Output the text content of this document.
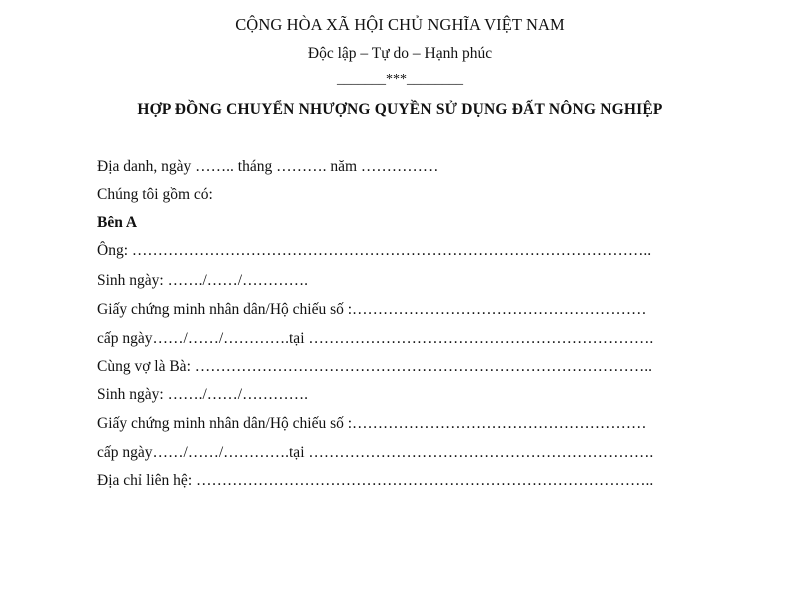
CỘNG HÒA XÃ HỘI CHỦ NGHĨA VIỆT NAM
Độc lập – Tự do – Hạnh phúc
_______***________
HỢP ĐỒNG CHUYỂN NHƯỢNG QUYỀN SỬ DỤNG ĐẤT NÔNG NGHIỆP
Địa danh, ngày …….. tháng ………. năm ……………
Chúng tôi gồm có:
Bên A
Ông: ………………………………………………………………………………………..
Sinh ngày: ……./……/………….
Giấy chứng minh nhân dân/Hộ chiếu số :…………………………………………………
cấp ngày……/……/………….tại ………………………………………………………….
Cùng vợ là Bà: ……………………………………………………………………………..
Sinh ngày: ……./……/………….
Giấy chứng minh nhân dân/Hộ chiếu số :…………………………………………………
cấp ngày……/……/………….tại ………………………………………………………….
Địa chỉ liên hệ: ……………………………………………………………………………..
